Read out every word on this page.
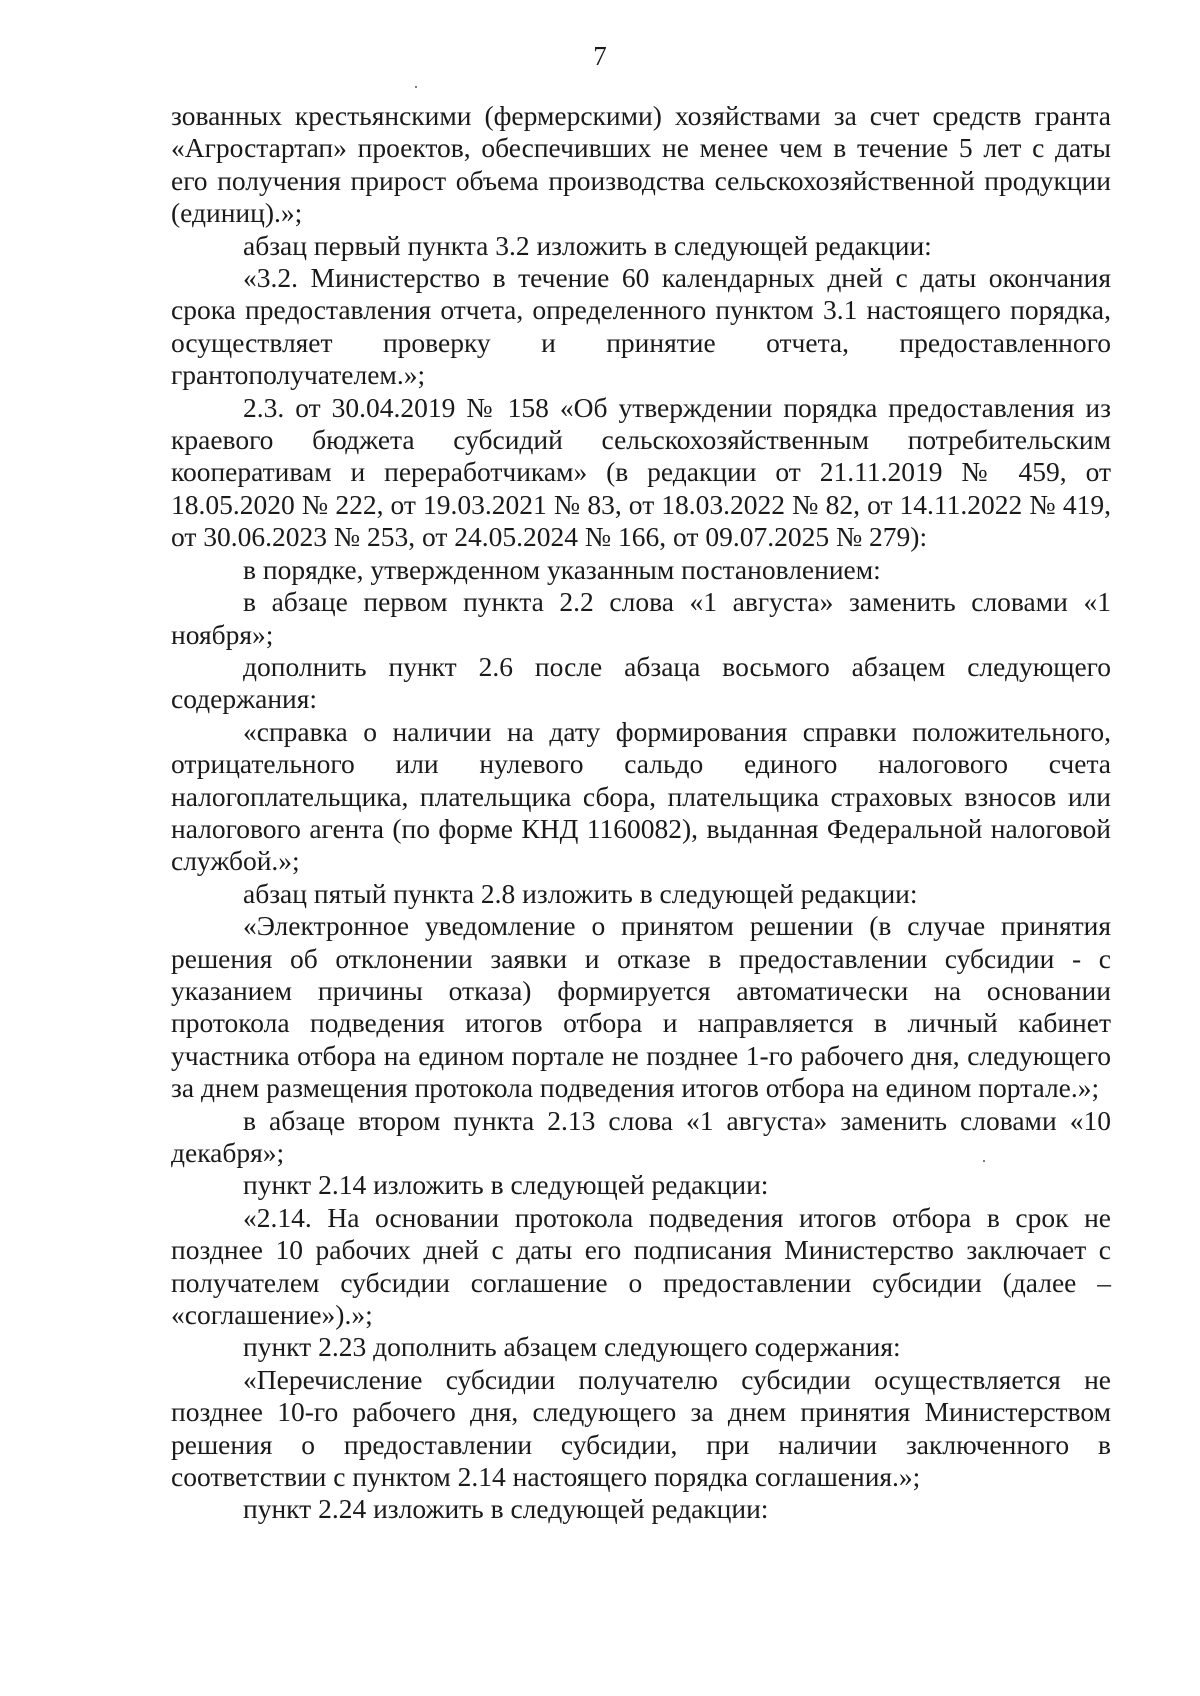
7

зованных крестьянскими (фермерскими) хозяйствами за счет средств гранта «Агростартап» проектов, обеспечивших не менее чем в течение 5 лет с даты его получения прирост объема производства сельскохозяйственной продукции (единиц).»;

абзац первый пункта 3.2 изложить в следующей редакции:

«3.2. Министерство в течение 60 календарных дней с даты окончания срока предоставления отчета, определенного пунктом 3.1 настоящего порядка, осуществляет проверку и принятие отчета, предоставленного грантополучателем.»;

2.3. от 30.04.2019 № 158 «Об утверждении порядка предоставления из краевого бюджета субсидий сельскохозяйственным потребительским кооперативам и переработчикам» (в редакции от 21.11.2019 № 459, от 18.05.2020 № 222, от 19.03.2021 № 83, от 18.03.2022 № 82, от 14.11.2022 № 419, от 30.06.2023 № 253, от 24.05.2024 № 166, от 09.07.2025 № 279):

в порядке, утвержденном указанным постановлением:

в абзаце первом пункта 2.2 слова «1 августа» заменить словами «1 ноября»;

дополнить пункт 2.6 после абзаца восьмого абзацем следующего содержания:

«справка о наличии на дату формирования справки положительного, отрицательного или нулевого сальдо единого налогового счета налогоплательщика, плательщика сбора, плательщика страховых взносов или налогового агента (по форме КНД 1160082), выданная Федеральной налоговой службой.»;

абзац пятый пункта 2.8 изложить в следующей редакции:

«Электронное уведомление о принятом решении (в случае принятия решения об отклонении заявки и отказе в предоставлении субсидии - с указанием причины отказа) формируется автоматически на основании протокола подведения итогов отбора и направляется в личный кабинет участника отбора на едином портале не позднее 1-го рабочего дня, следующего за днем размещения протокола подведения итогов отбора на едином портале.»;

в абзаце втором пункта 2.13 слова «1 августа» заменить словами «10 декабря»;

пункт 2.14 изложить в следующей редакции:

«2.14. На основании протокола подведения итогов отбора в срок не позднее 10 рабочих дней с даты его подписания Министерство заключает с получателем субсидии соглашение о предоставлении субсидии (далее – «соглашение»).»;

пункт 2.23 дополнить абзацем следующего содержания:

«Перечисление субсидии получателю субсидии осуществляется не позднее 10-го рабочего дня, следующего за днем принятия Министерством решения о предоставлении субсидии, при наличии заключенного в соответствии с пунктом 2.14 настоящего порядка соглашения.»;

пункт 2.24 изложить в следующей редакции:
